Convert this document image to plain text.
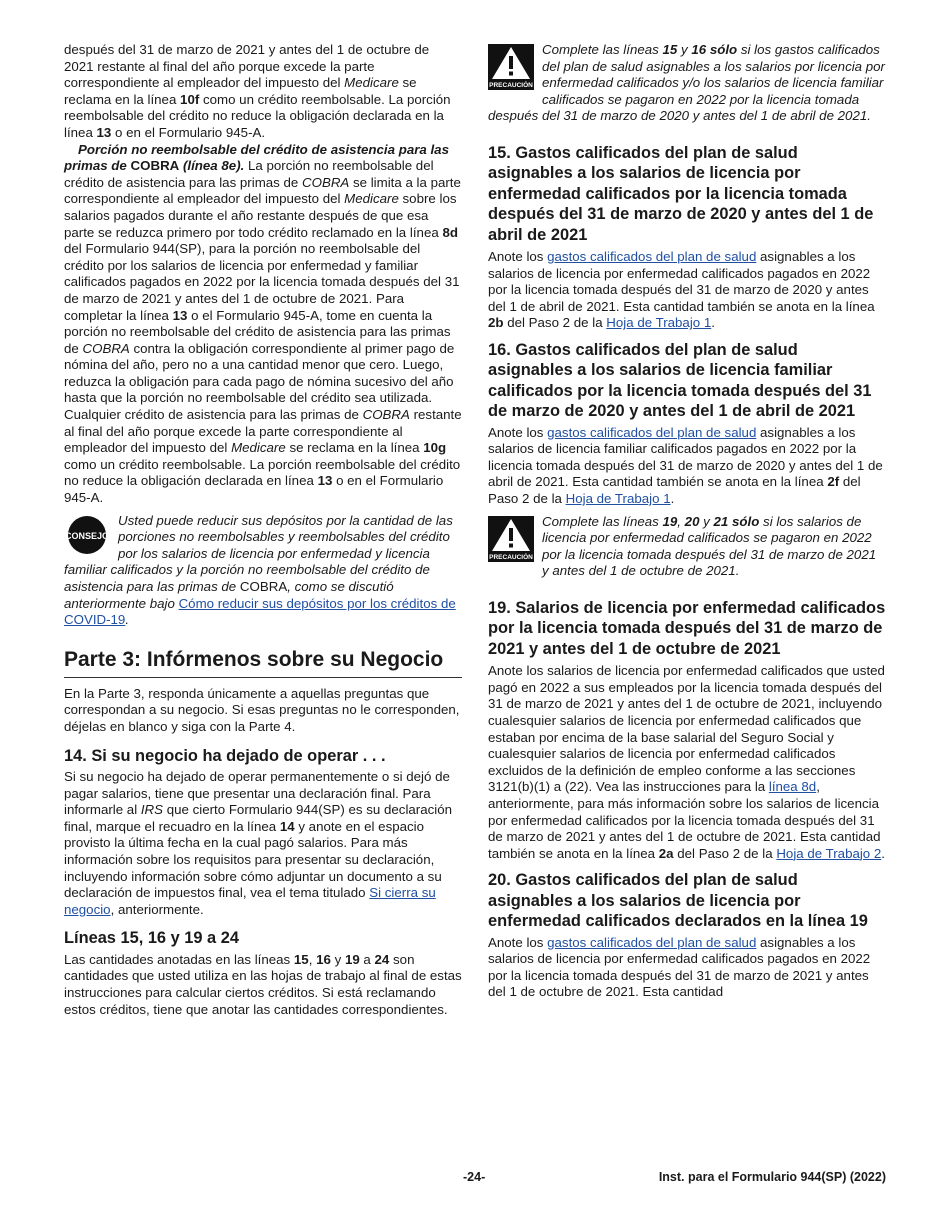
después del 31 de marzo de 2021 y antes del 1 de octubre de 2021 restante al final del año porque excede la parte correspondiente al empleador del impuesto del Medicare se reclama en la línea 10f como un crédito reembolsable. La porción reembolsable del crédito no reduce la obligación declarada en la línea 13 o en el Formulario 945-A.

Porción no reembolsable del crédito de asistencia para las primas de COBRA (línea 8e). La porción no reembolsable del crédito de asistencia para las primas de COBRA se limita a la parte correspondiente al empleador del impuesto del Medicare sobre los salarios pagados durante el año restante después de que esa parte se reduzca primero por todo crédito reclamado en la línea 8d del Formulario 944(SP), para la porción no reembolsable del crédito por los salarios de licencia por enfermedad y familiar calificados pagados en 2022 por la licencia tomada después del 31 de marzo de 2021 y antes del 1 de octubre de 2021. Para completar la línea 13 o el Formulario 945-A, tome en cuenta la porción no reembolsable del crédito de asistencia para las primas de COBRA contra la obligación correspondiente al primer pago de nómina del año, pero no a una cantidad menor que cero. Luego, reduzca la obligación para cada pago de nómina sucesivo del año hasta que la porción no reembolsable del crédito sea utilizada. Cualquier crédito de asistencia para las primas de COBRA restante al final del año porque excede la parte correspondiente al empleador del impuesto del Medicare se reclama en la línea 10g como un crédito reembolsable. La porción reembolsable del crédito no reduce la obligación declarada en línea 13 o en el Formulario 945-A.

CONSEJO
Usted puede reducir sus depósitos por la cantidad de las porciones no reembolsables y reembolsables del crédito por los salarios de licencia por enfermedad y licencia familiar calificados y la porción no reembolsable del crédito de asistencia para las primas de COBRA, como se discutió anteriormente bajo Cómo reducir sus depósitos por los créditos de COVID-19.
Parte 3: Infórmenos sobre su Negocio

En la Parte 3, responda únicamente a aquellas preguntas que correspondan a su negocio. Si esas preguntas no le corresponden, déjelas en blanco y siga con la Parte 4.

14. Si su negocio ha dejado de operar . . .

Si su negocio ha dejado de operar permanentemente o si dejó de pagar salarios, tiene que presentar una declaración final. Para informarle al IRS que cierto Formulario 944(SP) es su declaración final, marque el recuadro en la línea 14 y anote en el espacio provisto la última fecha en la cual pagó salarios. Para más información sobre los requisitos para presentar su declaración, incluyendo información sobre cómo adjuntar un documento a su declaración de impuestos final, vea el tema titulado Si cierra su negocio, anteriormente.

Líneas 15, 16 y 19 a 24

Las cantidades anotadas en las líneas 15, 16 y 19 a 24 son cantidades que usted utiliza en las hojas de trabajo al final de estas instrucciones para calcular ciertos créditos. Si está reclamando estos créditos, tiene que anotar las cantidades correspondientes.

PRECAUCIÓN
Complete las líneas 15 y 16 sólo si los gastos calificados del plan de salud asignables a los salarios por licencia por enfermedad calificados y/o los salarios de licencia familiar calificados se pagaron en 2022 por la licencia tomada después del 31 de marzo de 2020 y antes del 1 de abril de 2021.
15. Gastos calificados del plan de salud asignables a los salarios de licencia por enfermedad calificados por la licencia tomada después del 31 de marzo de 2020 y antes del 1 de abril de 2021

Anote los gastos calificados del plan de salud asignables a los salarios de licencia por enfermedad calificados pagados en 2022 por la licencia tomada después del 31 de marzo de 2020 y antes del 1 de abril de 2021. Esta cantidad también se anota en la línea 2b del Paso 2 de la Hoja de Trabajo 1.

16. Gastos calificados del plan de salud asignables a los salarios de licencia familiar calificados por la licencia tomada después del 31 de marzo de 2020 y antes del 1 de abril de 2021

Anote los gastos calificados del plan de salud asignables a los salarios de licencia familiar calificados pagados en 2022 por la licencia tomada después del 31 de marzo de 2020 y antes del 1 de abril de 2021. Esta cantidad también se anota en la línea 2f del Paso 2 de la Hoja de Trabajo 1.

PRECAUCIÓN
Complete las líneas 19, 20 y 21 sólo si los salarios de licencia por enfermedad calificados se pagaron en 2022 por la licencia tomada después del 31 de marzo de 2021 y antes del 1 de octubre de 2021.
19. Salarios de licencia por enfermedad calificados por la licencia tomada después del 31 de marzo de 2021 y antes del 1 de octubre de 2021

Anote los salarios de licencia por enfermedad calificados que usted pagó en 2022 a sus empleados por la licencia tomada después del 31 de marzo de 2021 y antes del 1 de octubre de 2021, incluyendo cualesquier salarios de licencia por enfermedad calificados que estaban por encima de la base salarial del Seguro Social y cualesquier salarios de licencia por enfermedad calificados excluidos de la definición de empleo conforme a las secciones 3121(b)(1) a (22). Vea las instrucciones para la línea 8d, anteriormente, para más información sobre los salarios de licencia por enfermedad calificados por la licencia tomada después del 31 de marzo de 2021 y antes del 1 de octubre de 2021. Esta cantidad también se anota en la línea 2a del Paso 2 de la Hoja de Trabajo 2.

20. Gastos calificados del plan de salud asignables a los salarios de licencia por enfermedad calificados declarados en la línea 19

Anote los gastos calificados del plan de salud asignables a los salarios de licencia por enfermedad calificados pagados en 2022 por la licencia tomada después del 31 de marzo de 2021 y antes del 1 de octubre de 2021. Esta cantidad

-24-	Inst. para el Formulario 944(SP) (2022)
